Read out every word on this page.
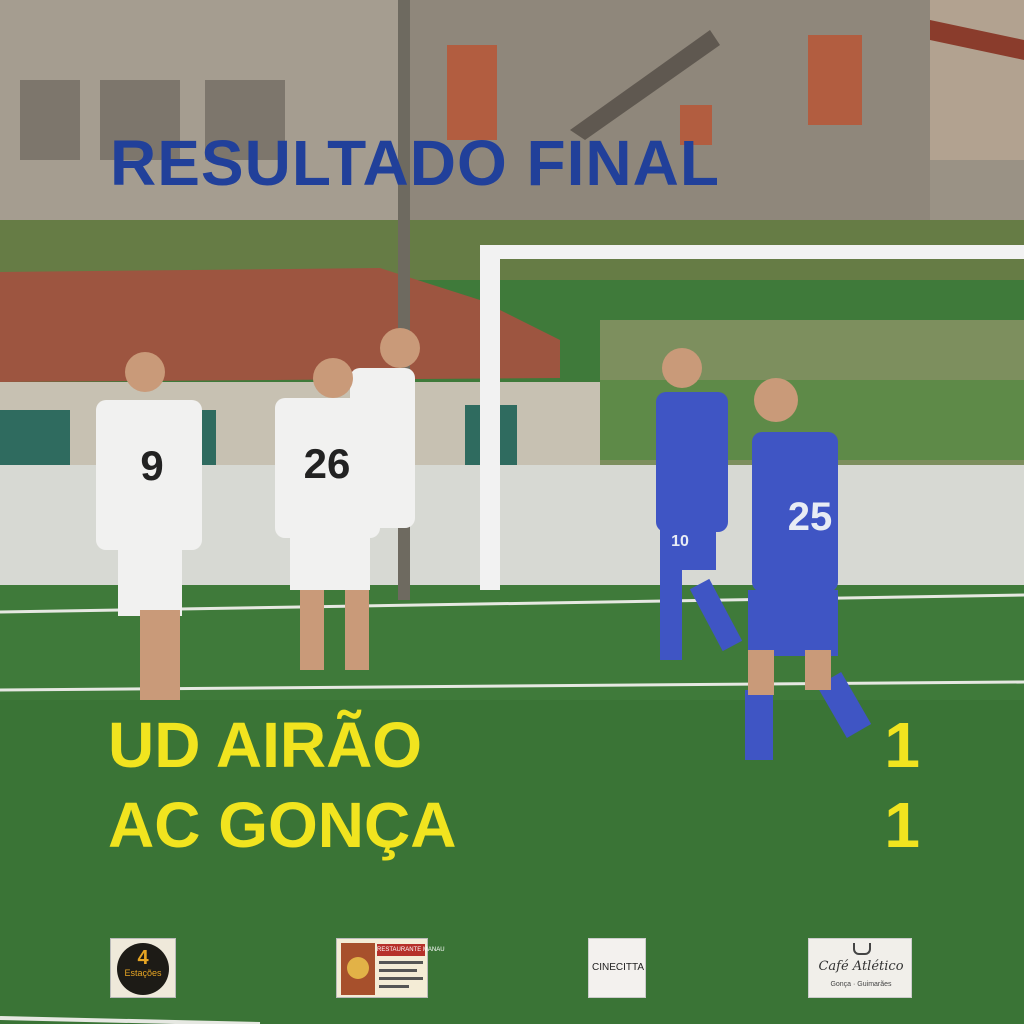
9	26
25
10
RESULTADO FINAL
UD AIRÃO	1
AC GONÇA	1
4
Estações
RESTAURANTE MANAU
CINECITTA	Café Atlético
Gonça · Guimarães
